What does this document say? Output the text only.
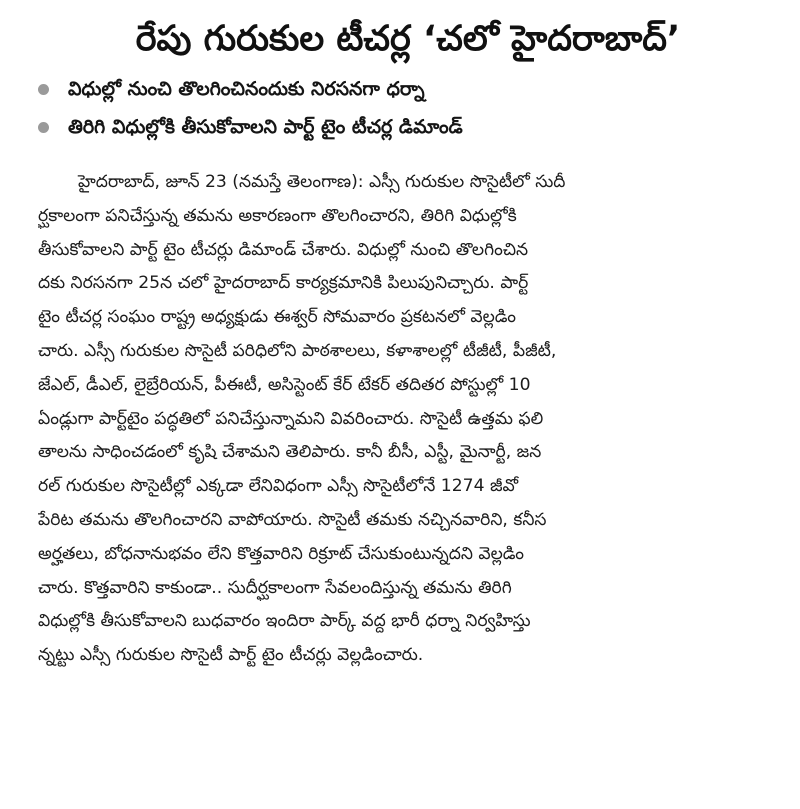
రేపు గురుకుల టీచర్ల ‘చలో హైదరాబాద్’
విధుల్లో నుంచి తొలగించినందుకు నిరసనగా ధర్నా
తిరిగి విధుల్లోకి తీసుకోవాలని పార్ట్ టైం టీచర్ల డిమాండ్
హైదరాబాద్, జూన్ 23 (నమస్తే తెలంగాణ): ఎస్సీ గురుకుల సొసైటీలో సుదీ
ర్ఘకాలంగా పనిచేస్తున్న తమను అకారణంగా తొలగించారని, తిరిగి విధుల్లోకి
తీసుకోవాలని పార్ట్ టైం టీచర్లు డిమాండ్ చేశారు. విధుల్లో నుంచి తొలగించిన
దకు నిరసనగా 25న చలో హైదరాబాద్ కార్యక్రమానికి పిలుపునిచ్చారు. పార్ట్
టైం టీచర్ల సంఘం రాష్ట్ర అధ్యక్షుడు ఈశ్వర్ సోమవారం ప్రకటనలో వెల్లడిం
చారు. ఎస్సీ గురుకుల సొసైటీ పరిధిలోని పాఠశాలలు, కళాశాలల్లో టీజీటీ, పీజీటీ,
జేఎల్, డీఎల్, లైబ్రేరియన్, పీఈటీ, అసిస్టెంట్ కేర్ టేకర్ తదితర పోస్టుల్లో 10
ఏండ్లుగా పార్ట్‌టైం పద్ధతిలో పనిచేస్తున్నామని వివరించారు. సొసైటీ ఉత్తమ ఫలి
తాలను సాధించడంలో కృషి చేశామని తెలిపారు. కానీ బీసీ, ఎస్టీ, మైనార్టీ, జన
రల్ గురుకుల సొసైటీల్లో ఎక్కడా లేనివిధంగా ఎస్సీ సొసైటీలోనే 1274 జీవో
పేరిట తమను తొలగించారని వాపోయారు. సొసైటీ తమకు నచ్చినవారిని, కనీస
అర్హతలు, బోధనానుభవం లేని కొత్తవారిని రిక్రూట్ చేసుకుంటున్నదని వెల్లడిం
చారు. కొత్తవారిని కాకుండా.. సుదీర్ఘకాలంగా సేవలందిస్తున్న తమను తిరిగి
విధుల్లోకి తీసుకోవాలని బుధవారం ఇందిరా పార్క్ వద్ద భారీ ధర్నా నిర్వహిస్తు
న్నట్టు ఎస్సీ గురుకుల సొసైటీ పార్ట్ టైం టీచర్లు వెల్లడించారు.
